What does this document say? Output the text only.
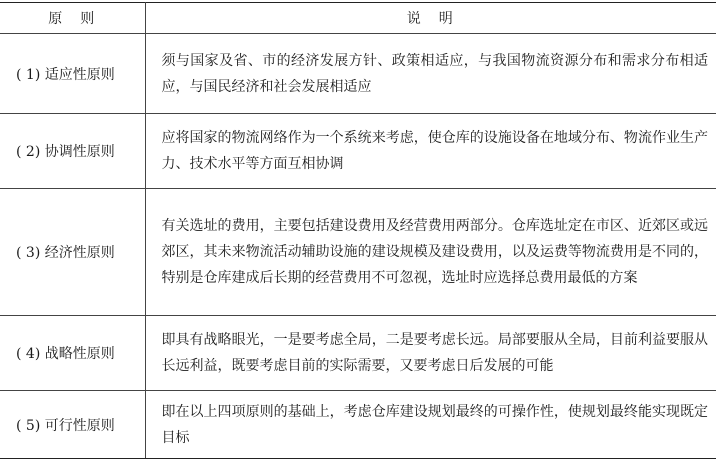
原　则	说　明
( 1) 适应性原则	须与国家及省、市的经济发展方针、政策相适应，与我国物流资源分布和需求分布相适应，与国民经济和社会发展相适应
( 2) 协调性原则	应将国家的物流网络作为一个系统来考虑，使仓库的设施设备在地域分布、物流作业生产力、技术水平等方面互相协调
( 3) 经济性原则	有关选址的费用，主要包括建设费用及经营费用两部分。仓库选址定在市区、近郊区或远郊区，其未来物流活动辅助设施的建设规模及建设费用，以及运费等物流费用是不同的，特别是仓库建成后长期的经营费用不可忽视，选址时应选择总费用最低的方案
( 4) 战略性原则	即具有战略眼光，一是要考虑全局，二是要考虑长远。局部要服从全局，目前利益要服从长远利益，既要考虑目前的实际需要，又要考虑日后发展的可能
( 5) 可行性原则	即在以上四项原则的基础上，考虑仓库建设规划最终的可操作性，使规划最终能实现既定目标
